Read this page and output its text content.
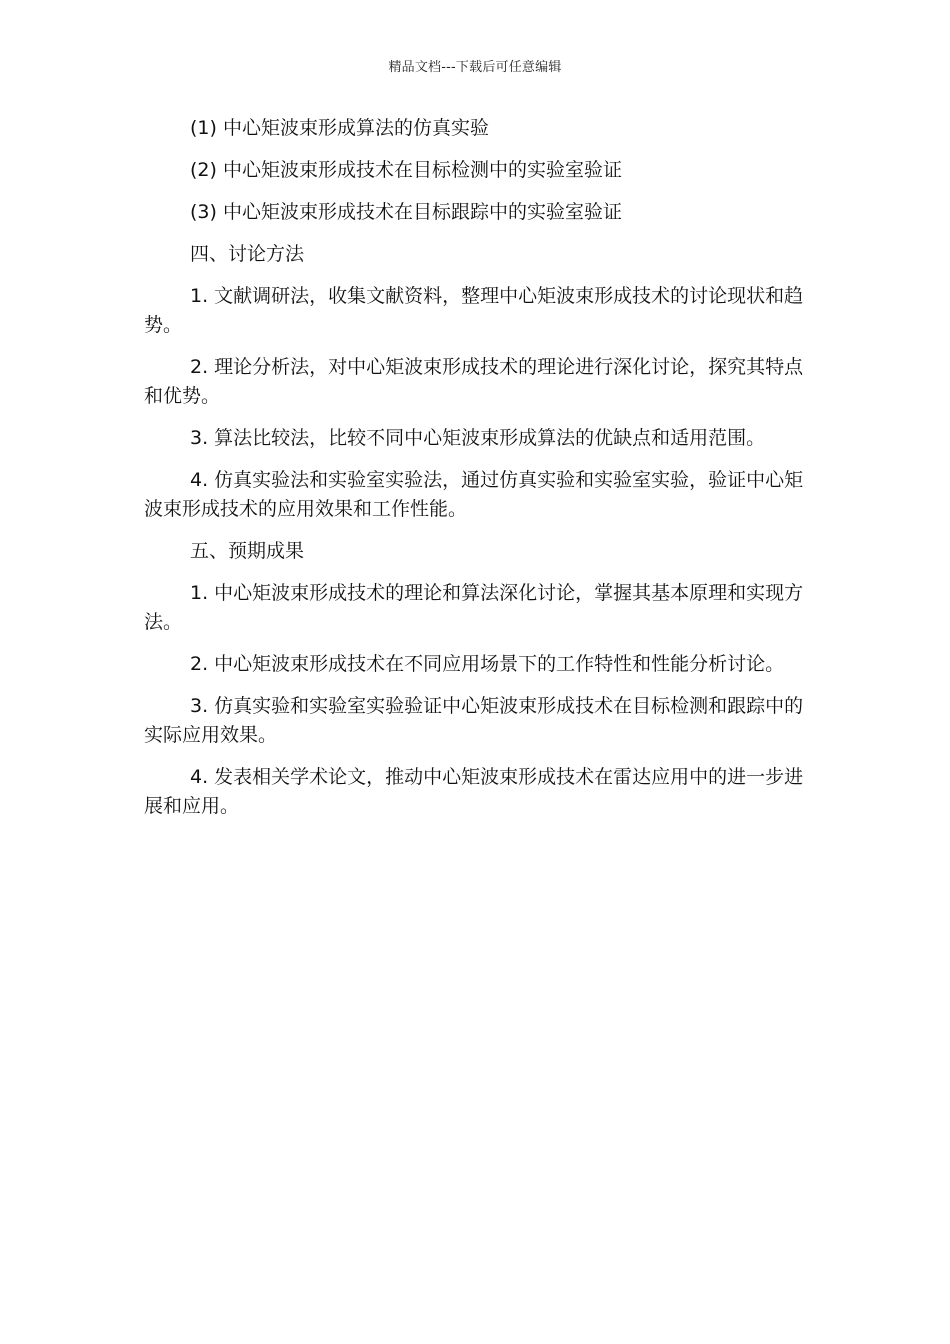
精品文档---下载后可任意编辑

(1) 中心矩波束形成算法的仿真实验

(2) 中心矩波束形成技术在目标检测中的实验室验证

(3) 中心矩波束形成技术在目标跟踪中的实验室验证

四、讨论方法

1. 文献调研法，收集文献资料，整理中心矩波束形成技术的讨论现状和趋势。

2. 理论分析法，对中心矩波束形成技术的理论进行深化讨论，探究其特点和优势。

3. 算法比较法，比较不同中心矩波束形成算法的优缺点和适用范围。

4. 仿真实验法和实验室实验法，通过仿真实验和实验室实验，验证中心矩波束形成技术的应用效果和工作性能。

五、预期成果

1. 中心矩波束形成技术的理论和算法深化讨论，掌握其基本原理和实现方法。

2. 中心矩波束形成技术在不同应用场景下的工作特性和性能分析讨论。

3. 仿真实验和实验室实验验证中心矩波束形成技术在目标检测和跟踪中的实际应用效果。

4. 发表相关学术论文，推动中心矩波束形成技术在雷达应用中的进一步进展和应用。
